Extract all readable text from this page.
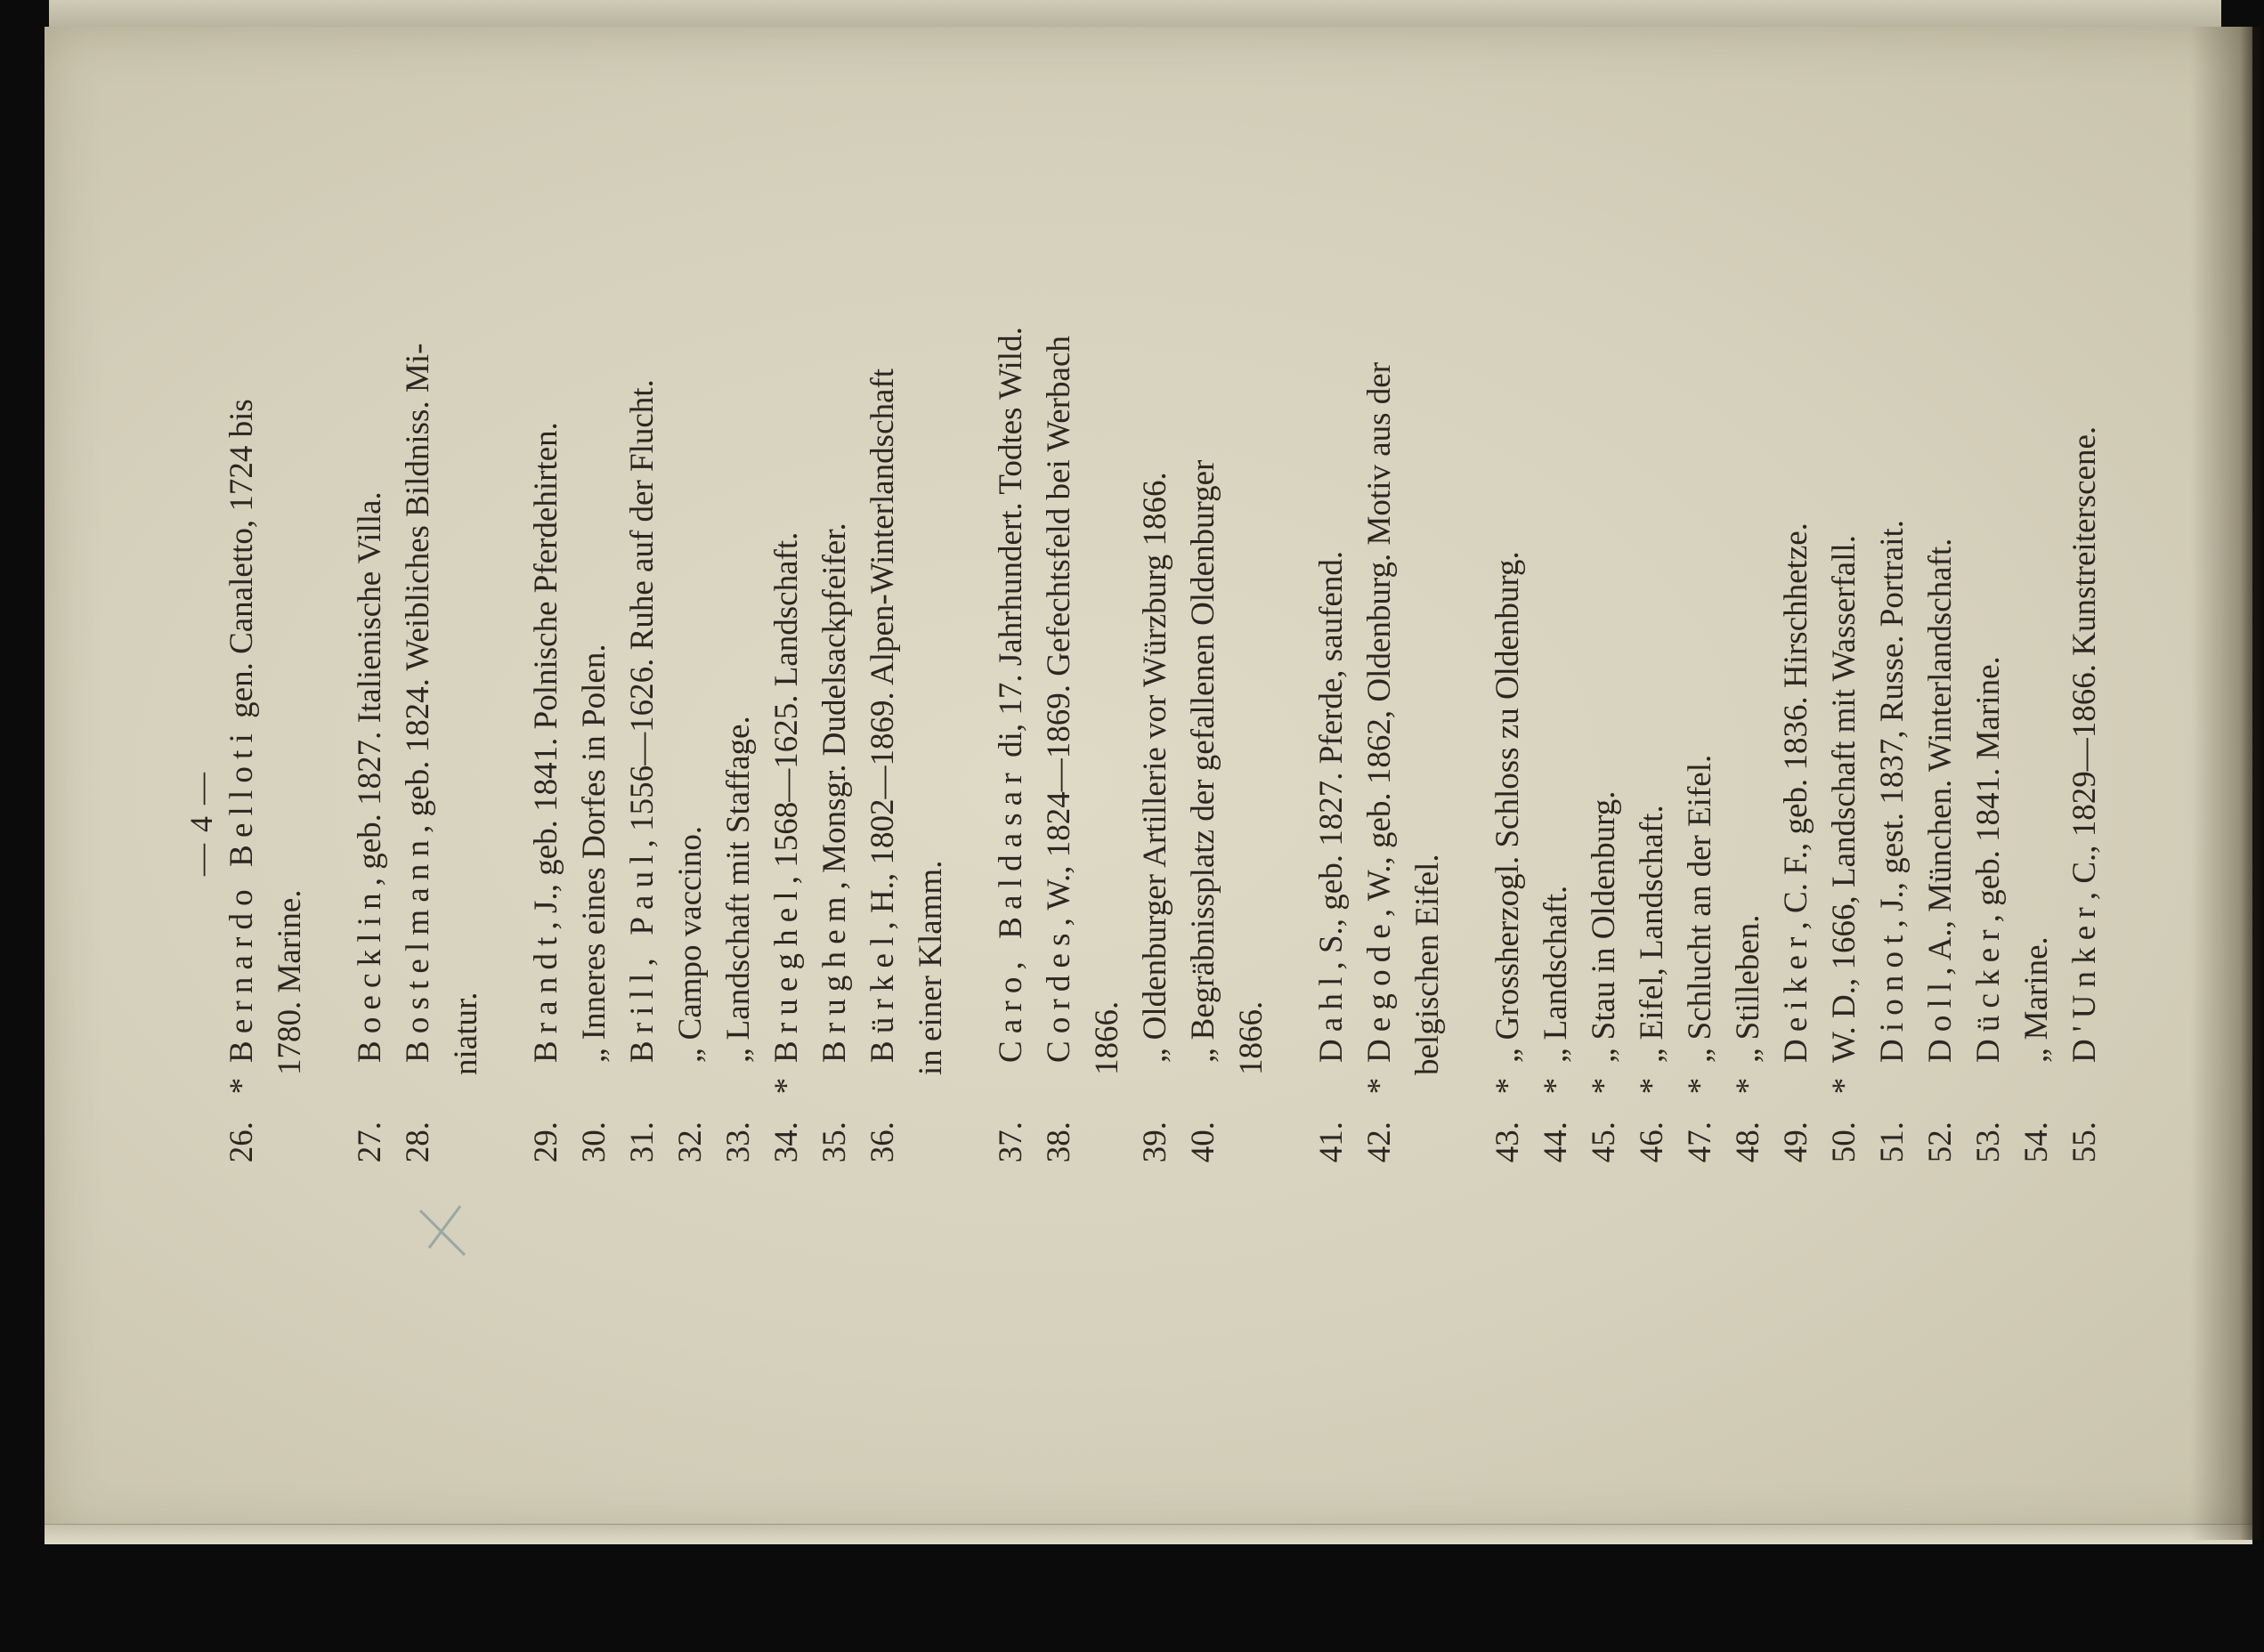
— 4 —
26.
*
Bernardo Belloti gen. Canaletto, 1724 bis
1780. Marine.
27.
Boecklin, geb. 1827. Italienische Villa.
28.
Bostelmann, geb. 1824. Weibliches Bildniss. Mi-
niatur.
29.
Brandt, J., geb. 1841. Polnische Pferdehirten.
30.
„ Inneres eines Dorfes in Polen.
31.
Brill, Paul, 1556—1626. Ruhe auf der Flucht.
32.
„ Campo vaccino.
33.
„ Landschaft mit Staffage.
34.
*
Brueghel, 1568—1625. Landschaft.
35.
Brughem, Monsgr. Dudelsackpfeifer.
36.
Bürkel, H., 1802—1869. Alpen-Winterlandschaft
in einer Klamm.
37.
Caro, Baldasar di, 17. Jahrhundert. Todtes Wild.
38.
Cordes, W., 1824—1869. Gefechtsfeld bei Werbach
1866.
39.
„ Oldenburger Artillerie vor Würzburg 1866.
40.
„ Begräbnissplatz der gefallenen Oldenburger 1866.
41.
Dahl, S., geb. 1827. Pferde, saufend.
42.
*
Degode, W., geb. 1862, Oldenburg. Motiv aus der
belgischen Eifel.
43.
*
„ Grossherzogl. Schloss zu Oldenburg.
44.
*
„ Landschaft.
45.
*
„ Stau in Oldenburg.
46.
*
„ Eifel, Landschaft.
47.
*
„ Schlucht an der Eifel.
48.
*
„ Stilleben.
49.
Deiker, C. F., geb. 1836. Hirschhetze.
50.
*
W. D., 1666, Landschaft mit Wasserfall.
51.
Dionot, J., gest. 1837, Russe. Portrait.
52.
Doll, A., München. Winterlandschaft.
53.
Dücker, geb. 1841. Marine.
54.
„ Marine.
55.
D'Unker, C., 1829—1866. Kunstreiterscene.
